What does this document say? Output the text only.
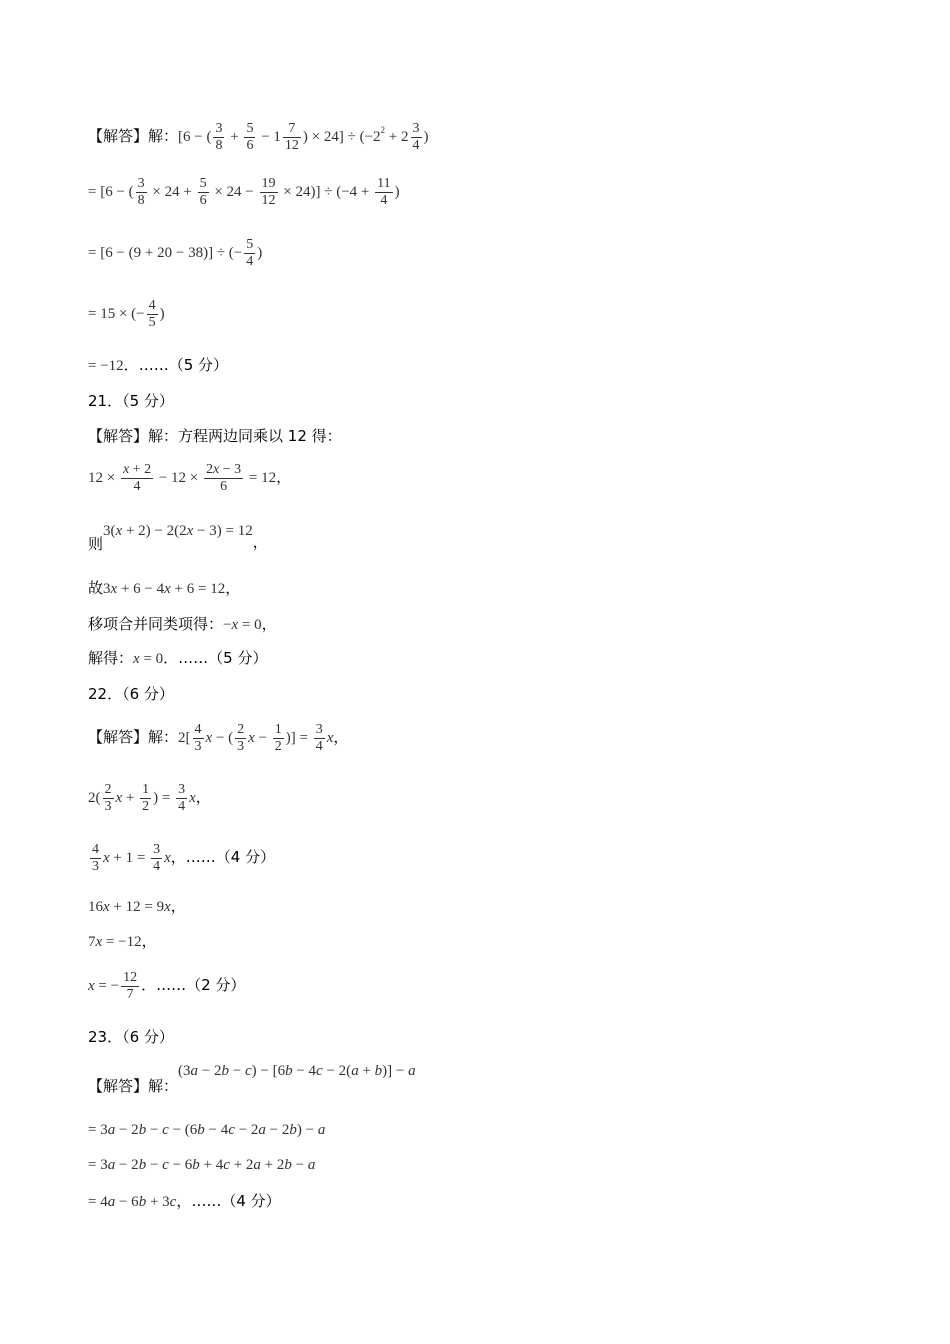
【解答】解：[6 − ( $\frac{3}{8} + \frac{5}{6} - 1 \frac{7}{12}$ ) × $24] \div (-2^2 + 2 \frac{3}{4}$ )
= [6 − ( $\frac{3}{8} \times 24 + \frac{5}{6} \times 24 - \frac{19}{12} \times 24)] \div (-4 + \frac{11}{4}$ )
= [6 − (9 + 20 − 38)] ÷ (− $\frac{5}{4}$ )
= 15 × (− $\frac{4}{5}$ )
= −12．……（5 分）
21．（5 分）
【解答】解：方程两边同乘以 12 得：
$12 \times \frac{x + 2}{4} - 12 \times \frac{2x - 3}{6} = 12$，
则3(x + 2) − 2(2x − 3) = 12，
故3x + 6 − 4x + 6 = 12，
移项合并同类项得：−x = 0，
解得：x = 0．……（5 分）
22．（6 分）
【解答】解：$2[ \frac{4}{3}$ x − ( $\frac{2}{3}$ $x - \frac{1}{2}$ )] = $\frac{3}{4}$ x，
$2( \frac{2}{3}$ $x + \frac{1}{2}$ ) = $\frac{3}{4}$ x，
$\frac{4}{3}$ $x + 1 = \frac{3}{4}$ x，……（4 分）
16x + 12 = 9x，
7x = −12，
x = − $\frac{12}{7}$ ．……（2 分）
23．（6 分）
【解答】解：(3a − 2b − c) − [6b − 4c − 2(a + b)] − a
= 3a − 2b − c − (6b − 4c − 2a − 2b) − a
= 3a − 2b − c − 6b + 4c + 2a + 2b − a
= 4a − 6b + 3c，……（4 分）
